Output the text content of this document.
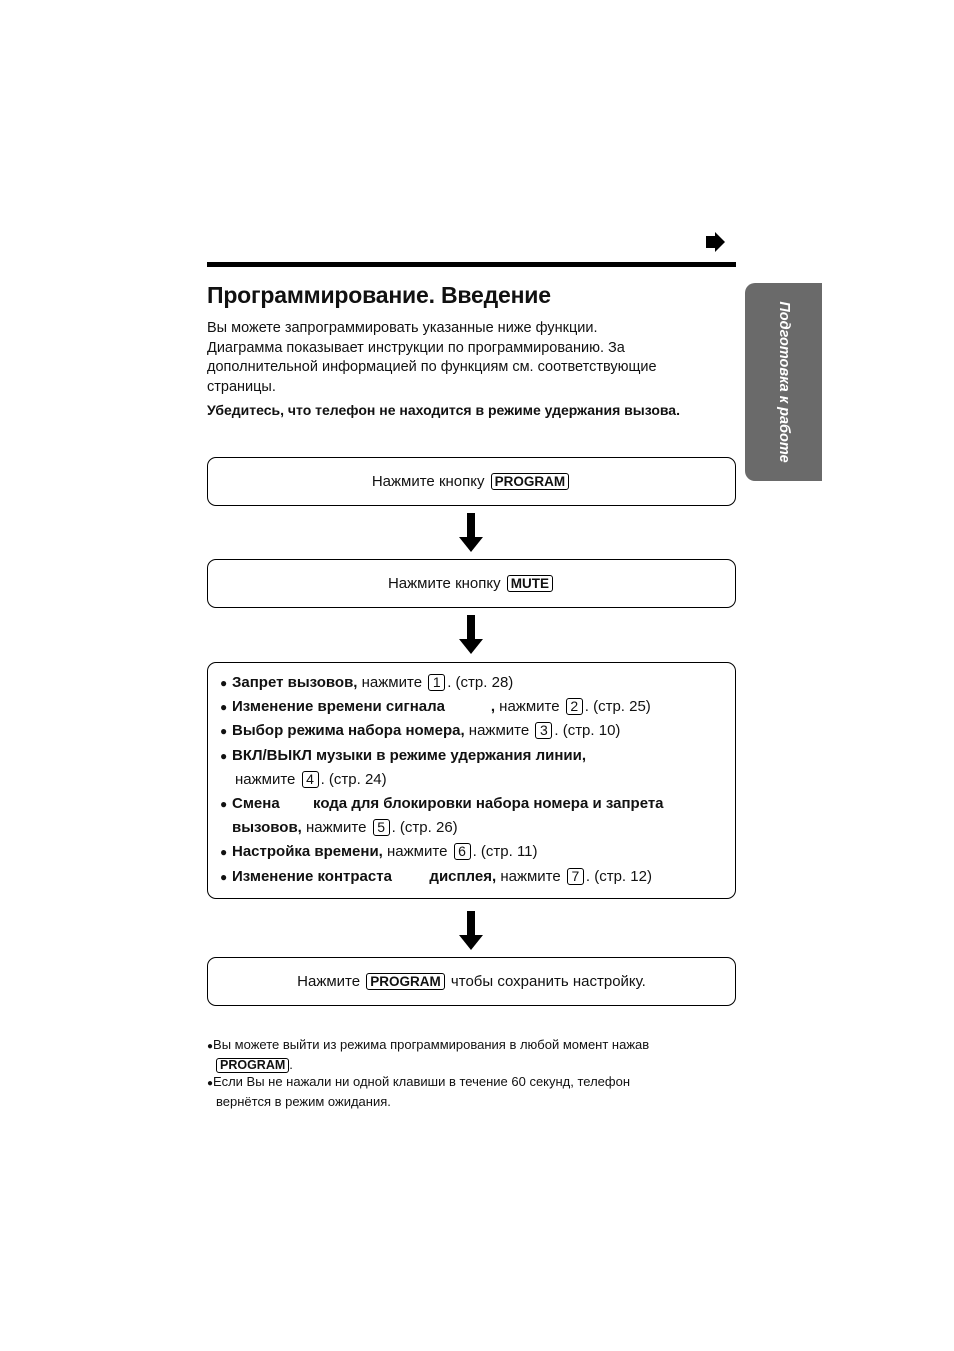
Программирование. Введение
Вы можете запрограммировать указанные ниже функции.
Диаграмма показывает инструкции по программированию. За
дополнительной информацией по функциям см. соответствующие
страницы.
Убедитесь, что телефон не находится в режиме удержания вызова.	Подготовка к работе
Нажмите кнопку
PROGRAM
Нажмите кнопку
MUTE
● Запрет вызовов, нажмите 1 . (стр. 28)
● Изменение времени сигнала           , нажмите 2 . (стр. 25)
● Выбор режима набора номера, нажмите 3 . (стр. 10)
● ВКЛ/ВЫКЛ музыки в режиме удержания линии,
нажмите 4 . (стр. 24)
● Смена        кода для блокировки набора номера и запрета
вызовов, нажмите 5 . (стр. 26)
● Настройка времени, нажмите 6 . (стр. 11)
● Изменение контраста         дисплея, нажмите 7 . (стр. 12)
Нажмите
PROGRAM чтобы сохранить настройку.
●Вы можете выйти из режима программирования в любой момент нажав
PROGRAM .
●Если Вы не нажали ни одной клавиши в течение 60 секунд, телефон
вернётся в режим ожидания.
